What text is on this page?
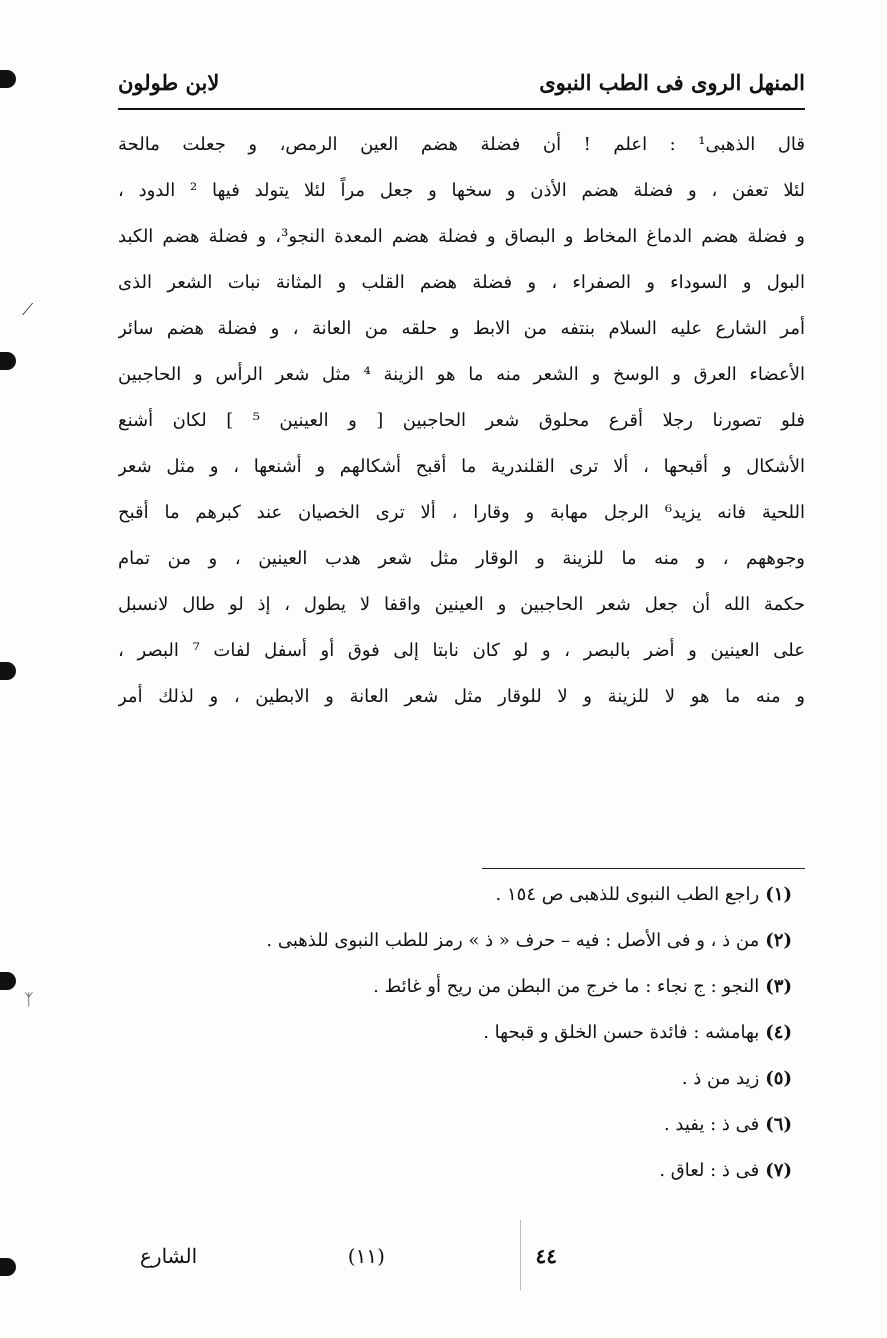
⟋
ᛉ
المنهل الروى فى الطب النبوى
لابن طولون
قال الذهبى¹ : اعلم ! أن فضلة هضم العين الرمص، و جعلت مالحة
لئلا تعفن ، و فضلة هضم الأذن و سخها و جعل مراً لئلا يتولد فيها ² الدود ،
و فضلة هضم الدماغ المخاط و البصاق و فضلة هضم المعدة النجو³، و فضلة هضم الكبد
البول و السوداء و الصفراء ، و فضلة هضم القلب و المثانة نبات الشعر الذى
أمر الشارع عليه السلام بنتفه من الابط و حلقه من العانة ، و فضلة هضم سائر
الأعضاء العرق و الوسخ و الشعر منه ما هو الزينة ⁴ مثل شعر الرأس و الحاجبين
فلو تصورنا رجلا أقرع محلوق شعر الحاجبين [ و العينين ⁵ ] لكان أشنع
الأشكال و أقبحها ، ألا ترى القلندرية ما أقبح أشكالهم و أشنعها ، و مثل شعر
اللحية فانه يزيد⁶ الرجل مهابة و وقارا ، ألا ترى الخصيان عند كبرهم ما أقبح
وجوههم ، و منه ما للزينة و الوقار مثل شعر هدب العينين ، و من تمام
حكمة الله أن جعل شعر الحاجبين و العينين واقفا لا يطول ، إذ لو طال لانسبل
على العينين و أضر بالبصر ، و لو كان نابتا إلى فوق أو أسفل لفات ⁷ البصر ،
و منه ما هو لا للزينة و لا للوقار مثل شعر العانة و الابطين ، و لذلك أمر
(١)راجع الطب النبوى للذهبى ص ١٥٤ .
(٢)من ذ ، و فى الأصل : فيه – حرف « ذ » رمز للطب النبوى للذهبى .
(٣)النجو : ج نجاء : ما خرج من البطن من ريح أو غائط .
(٤)بهامشه : فائدة حسن الخلق و قبحها .
(٥)زيد من ذ .
(٦)فى ذ : يفيد .
(٧)فى ذ : لعاق .
٤٤
(١١)
الشارع
